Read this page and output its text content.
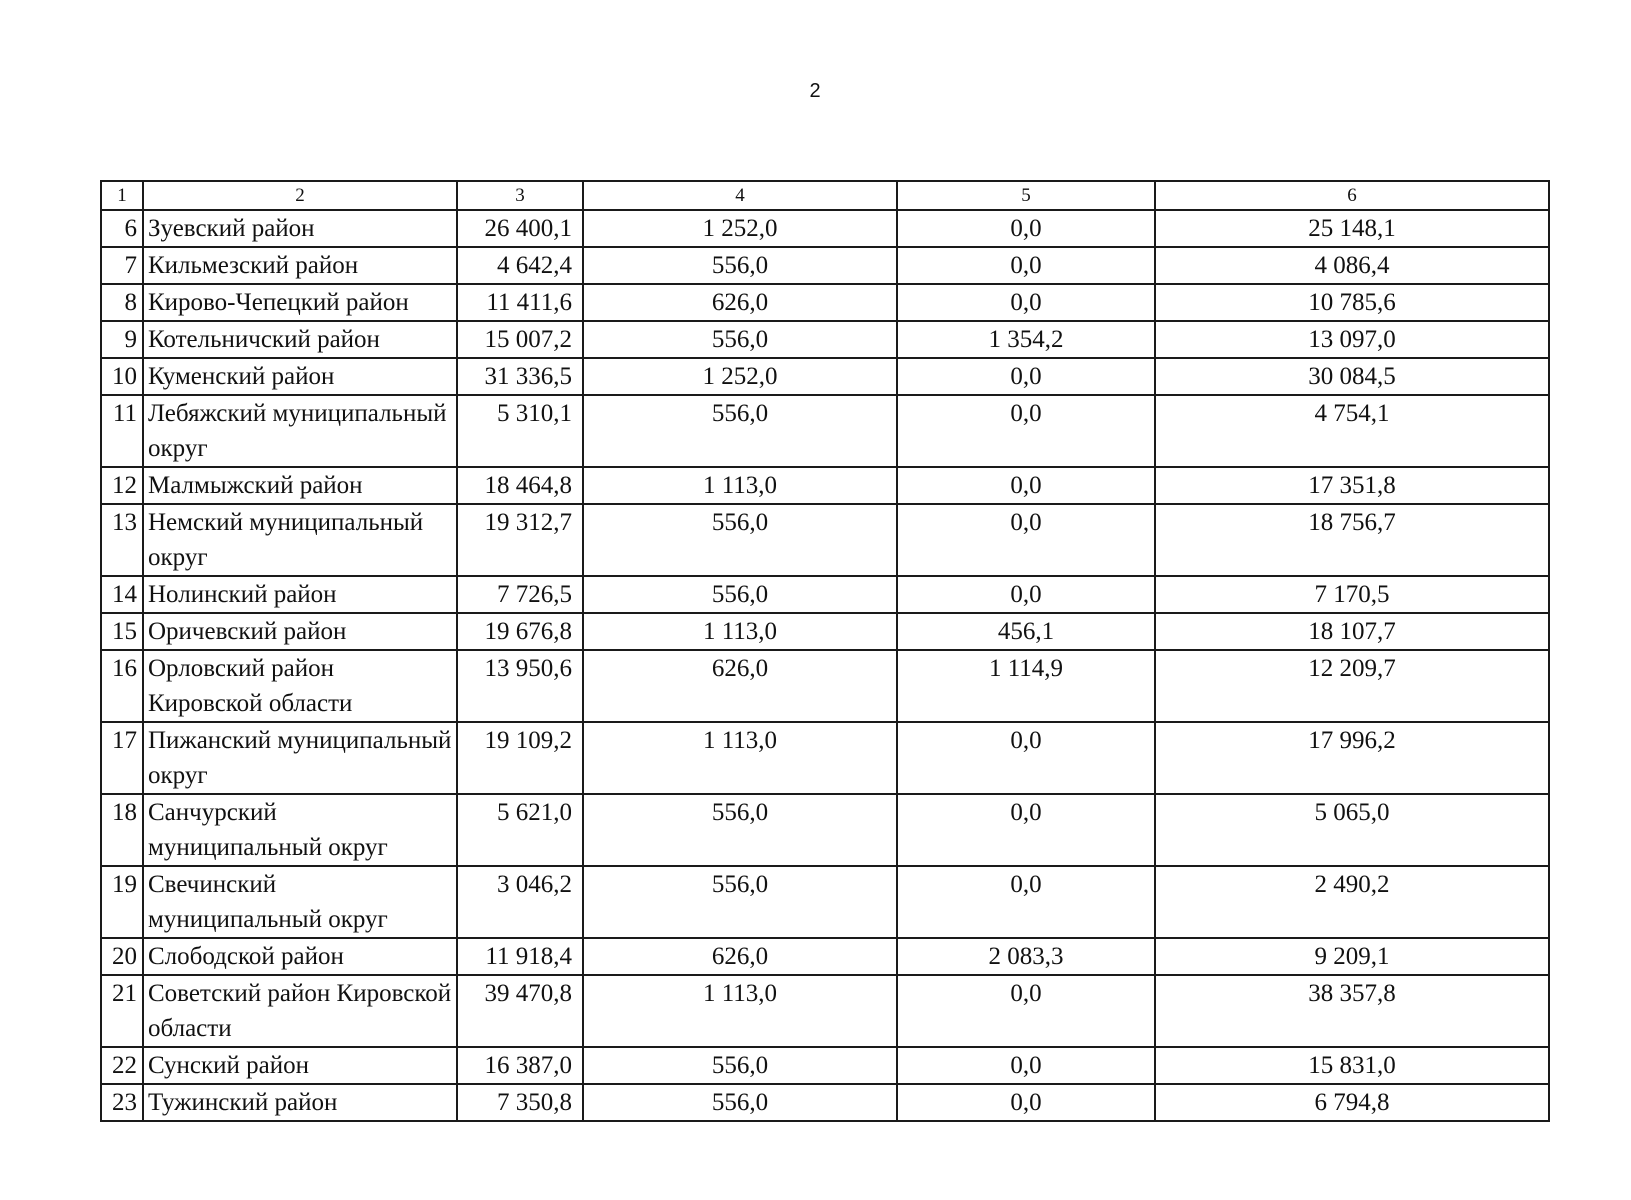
2
1	2	3	4	5	6
6	Зуевский район	26 400,1	1 252,0	0,0	25 148,1
7	Кильмезский район	4 642,4	556,0	0,0	4 086,4
8	Кирово-Чепецкий район	11 411,6	626,0	0,0	10 785,6
9	Котельничский район	15 007,2	556,0	1 354,2	13 097,0
10	Куменский район	31 336,5	1 252,0	0,0	30 084,5
11	Лебяжский муниципальный округ	5 310,1	556,0	0,0	4 754,1
12	Малмыжский район	18 464,8	1 113,0	0,0	17 351,8
13	Немский муниципальный округ	19 312,7	556,0	0,0	18 756,7
14	Нолинский район	7 726,5	556,0	0,0	7 170,5
15	Оричевский район	19 676,8	1 113,0	456,1	18 107,7
16	Орловский район Кировской области	13 950,6	626,0	1 114,9	12 209,7
17	Пижанский муниципальный округ	19 109,2	1 113,0	0,0	17 996,2
18	Санчурский муниципальный округ	5 621,0	556,0	0,0	5 065,0
19	Свечинский муниципальный округ	3 046,2	556,0	0,0	2 490,2
20	Слободской район	11 918,4	626,0	2 083,3	9 209,1
21	Советский район Кировской области	39 470,8	1 113,0	0,0	38 357,8
22	Сунский район	16 387,0	556,0	0,0	15 831,0
23	Тужинский район	7 350,8	556,0	0,0	6 794,8
